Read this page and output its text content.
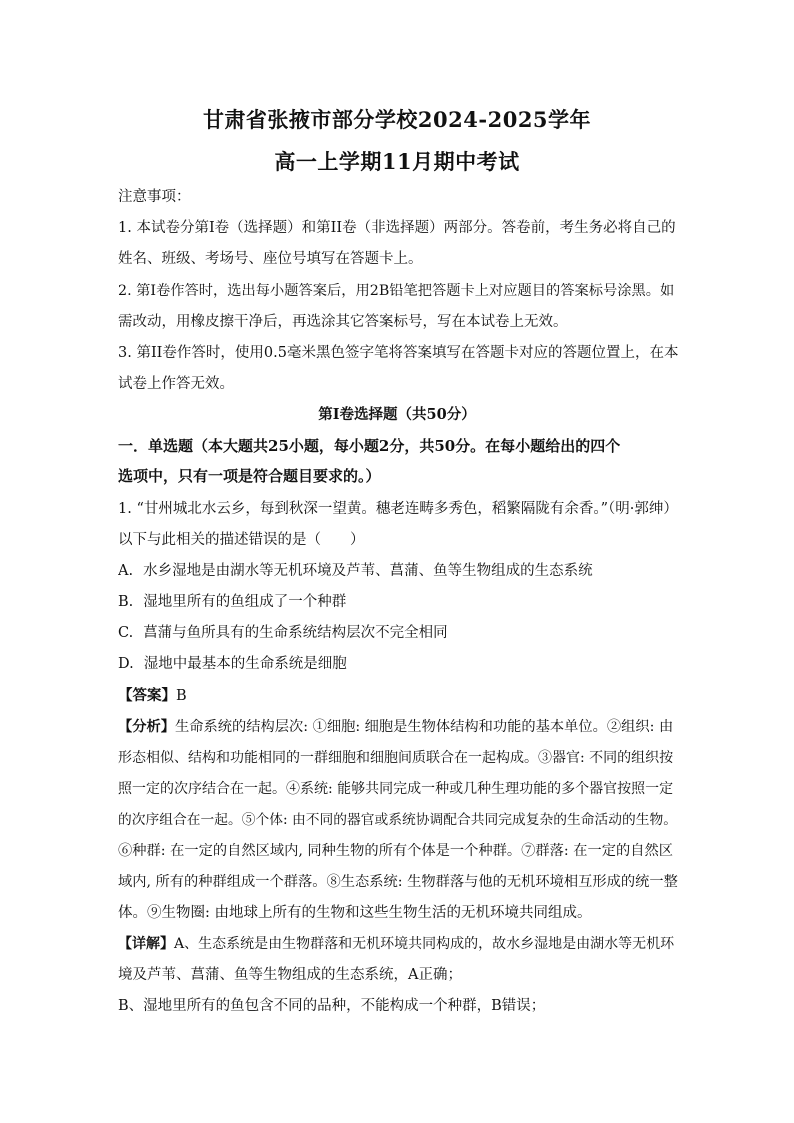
甘肃省张掖市部分学校2024-2025学年
高一上学期11月期中考试
注意事项：
1. 本试卷分第I卷（选择题）和第II卷（非选择题）两部分。答卷前，考生务必将自己的
姓名、班级、考场号、座位号填写在答题卡上。
2. 第I卷作答时，选出每小题答案后，用2B铅笔把答题卡上对应题目的答案标号涂黑。如
需改动，用橡皮擦干净后，再选涂其它答案标号，写在本试卷上无效。
3. 第II卷作答时，使用0.5毫米黑色签字笔将答案填写在答题卡对应的答题位置上，在本
试卷上作答无效。
第I卷选择题（共50分）
一．单选题（本大题共25小题，每小题2分，共50分。在每小题给出的四个
选项中，只有一项是符合题目要求的。）
1. “甘州城北水云乡，每到秋深一望黄。穗老连畴多秀色，稻繁隔陇有余香。”（明·郭绅）
以下与此相关的描述错误的是（　　）
A. 水乡湿地是由湖水等无机环境及芦苇、菖蒲、鱼等生物组成的生态系统
B. 湿地里所有的鱼组成了一个种群
C. 菖蒲与鱼所具有的生命系统结构层次不完全相同
D. 湿地中最基本的生命系统是细胞
【答案】B
【分析】生命系统的结构层次: ①细胞: 细胞是生物体结构和功能的基本单位。②组织: 由
形态相似、结构和功能相同的一群细胞和细胞间质联合在一起构成。③器官: 不同的组织按
照一定的次序结合在一起。④系统: 能够共同完成一种或几种生理功能的多个器官按照一定
的次序组合在一起。⑤个体: 由不同的器官或系统协调配合共同完成复杂的生命活动的生物。
⑥种群: 在一定的自然区域内, 同种生物的所有个体是一个种群。⑦群落: 在一定的自然区
域内, 所有的种群组成一个群落。⑧生态系统: 生物群落与他的无机环境相互形成的统一整
体。⑨生物圈: 由地球上所有的生物和这些生物生活的无机环境共同组成。
【详解】A、生态系统是由生物群落和无机环境共同构成的，故水乡湿地是由湖水等无机环
境及芦苇、菖蒲、鱼等生物组成的生态系统，A正确；
B、湿地里所有的鱼包含不同的品种，不能构成一个种群，B错误；
